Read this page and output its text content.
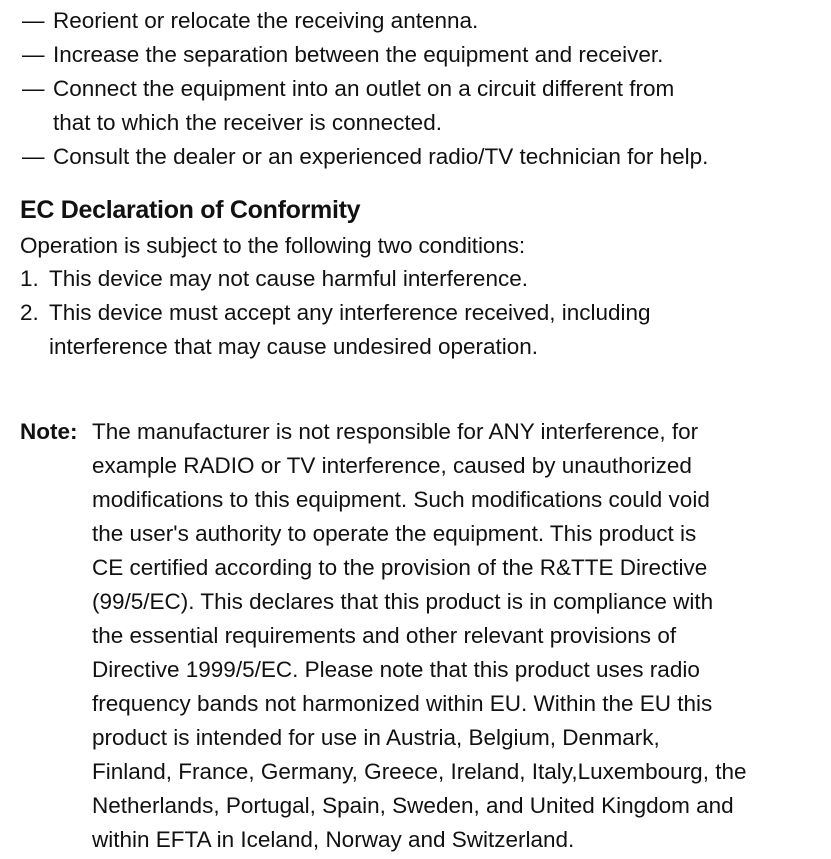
— Reorient or relocate the receiving antenna.
— Increase the separation between the equipment and receiver.
— Connect the equipment into an outlet on a circuit different from
that to which the receiver is connected.
— Consult the dealer or an experienced radio/TV technician for help.
EC Declaration of Conformity
Operation is subject to the following two conditions:
1. This device may not cause harmful interference.
2. This device must accept any interference received, including
interference that may cause undesired operation.
Note: The manufacturer is not responsible for ANY interference, for
example RADIO or TV interference, caused by unauthorized
modifications to this equipment. Such modifications could void
the user's authority to operate the equipment. This product is
CE certified according to the provision of the R&TTE Directive
(99/5/EC). This declares that this product is in compliance with
the essential requirements and other relevant provisions of
Directive 1999/5/EC. Please note that this product uses radio
frequency bands not harmonized within EU. Within the EU this
product is intended for use in Austria, Belgium, Denmark,
Finland, France, Germany, Greece, Ireland, Italy,Luxembourg, the
Netherlands, Portugal, Spain, Sweden, and United Kingdom and
within EFTA in Iceland, Norway and Switzerland.
